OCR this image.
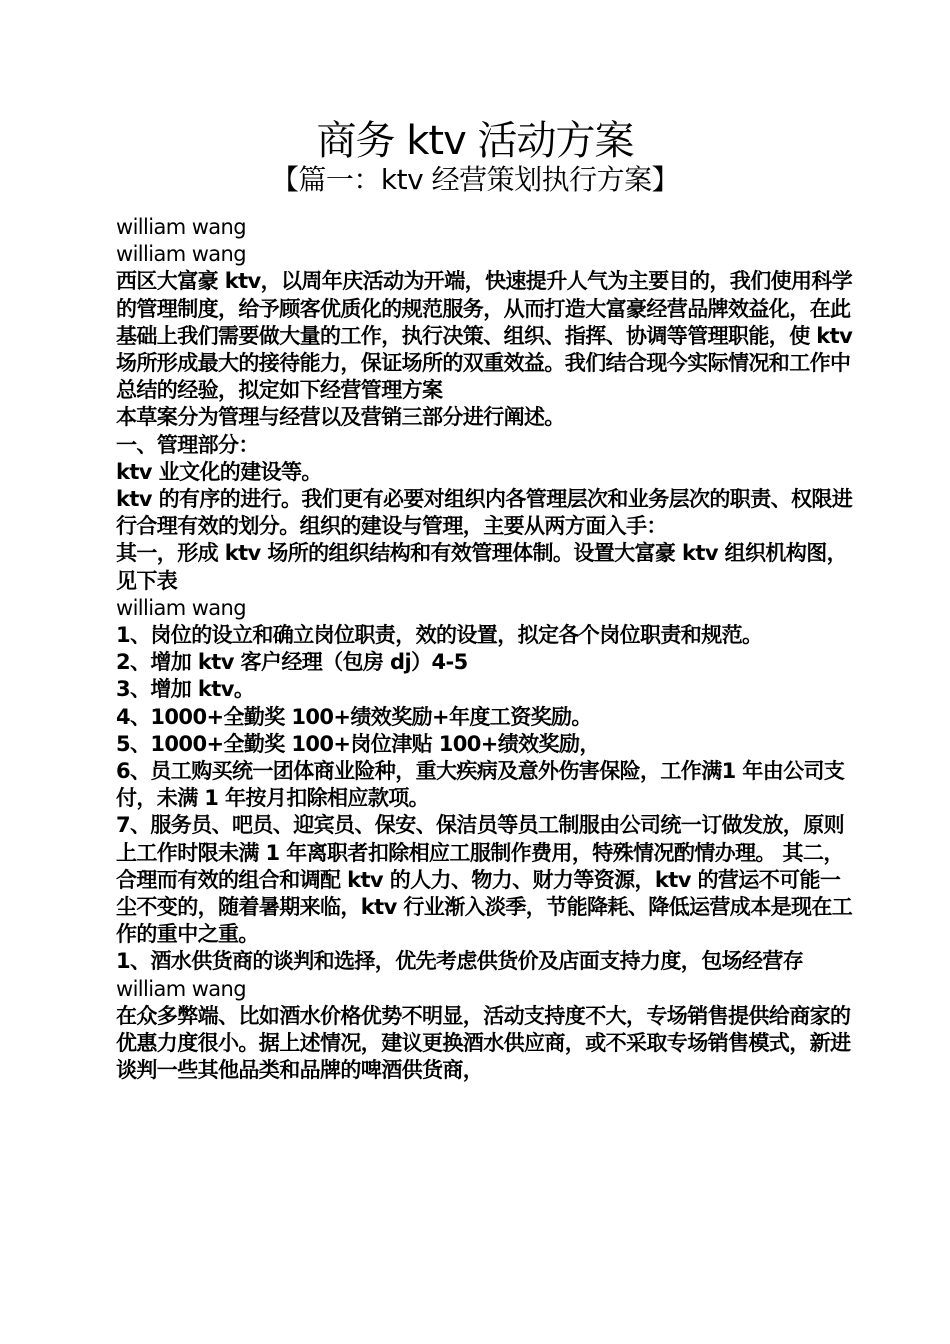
商务 ktv 活动方案
【篇一：ktv 经营策划执行方案】

william wang

william wang

西区大富豪 ktv，以周年庆活动为开端，快速提升人气为主要目的，我们使用科学的管理制度，给予顾客优质化的规范服务，从而打造大富豪经营品牌效益化，在此基础上我们需要做大量的工作，执行决策、组织、指挥、协调等管理职能，使 ktv 场所形成最大的接待能力，保证场所的双重效益。我们结合现今实际情况和工作中总结的经验，拟定如下经营管理方案

本草案分为管理与经营以及营销三部分进行阐述。

一、管理部分：

ktv 业文化的建设等。

ktv 的有序的进行。我们更有必要对组织内各管理层次和业务层次的职责、权限进行合理有效的划分。组织的建设与管理，主要从两方面入手：

其一，形成 ktv 场所的组织结构和有效管理体制。设置大富豪 ktv 组织机构图，见下表

william wang

1、岗位的设立和确立岗位职责，效的设置，拟定各个岗位职责和规范。

2、增加 ktv 客户经理（包房 dj）4-5

3、增加 ktv。

4、1000+全勤奖 100+绩效奖励+年度工资奖励。

5、1000+全勤奖 100+岗位津贴 100+绩效奖励，

6、员工购买统一团体商业险种，重大疾病及意外伤害保险，工作满1 年由公司支付，未满 1 年按月扣除相应款项。

7、服务员、吧员、迎宾员、保安、保洁员等员工制服由公司统一订做发放，原则上工作时限未满 1 年离职者扣除相应工服制作费用，特殊情况酌情办理。 其二，合理而有效的组合和调配 ktv 的人力、物力、财力等资源，ktv 的营运不可能一尘不变的，随着暑期来临，ktv 行业渐入淡季，节能降耗、降低运营成本是现在工作的重中之重。

1、酒水供货商的谈判和选择，优先考虑供货价及店面支持力度，包场经营存

william wang

在众多弊端、比如酒水价格优势不明显，活动支持度不大，专场销售提供给商家的优惠力度很小。据上述情况，建议更换酒水供应商，或不采取专场销售模式，新进谈判一些其他品类和品牌的啤酒供货商，
